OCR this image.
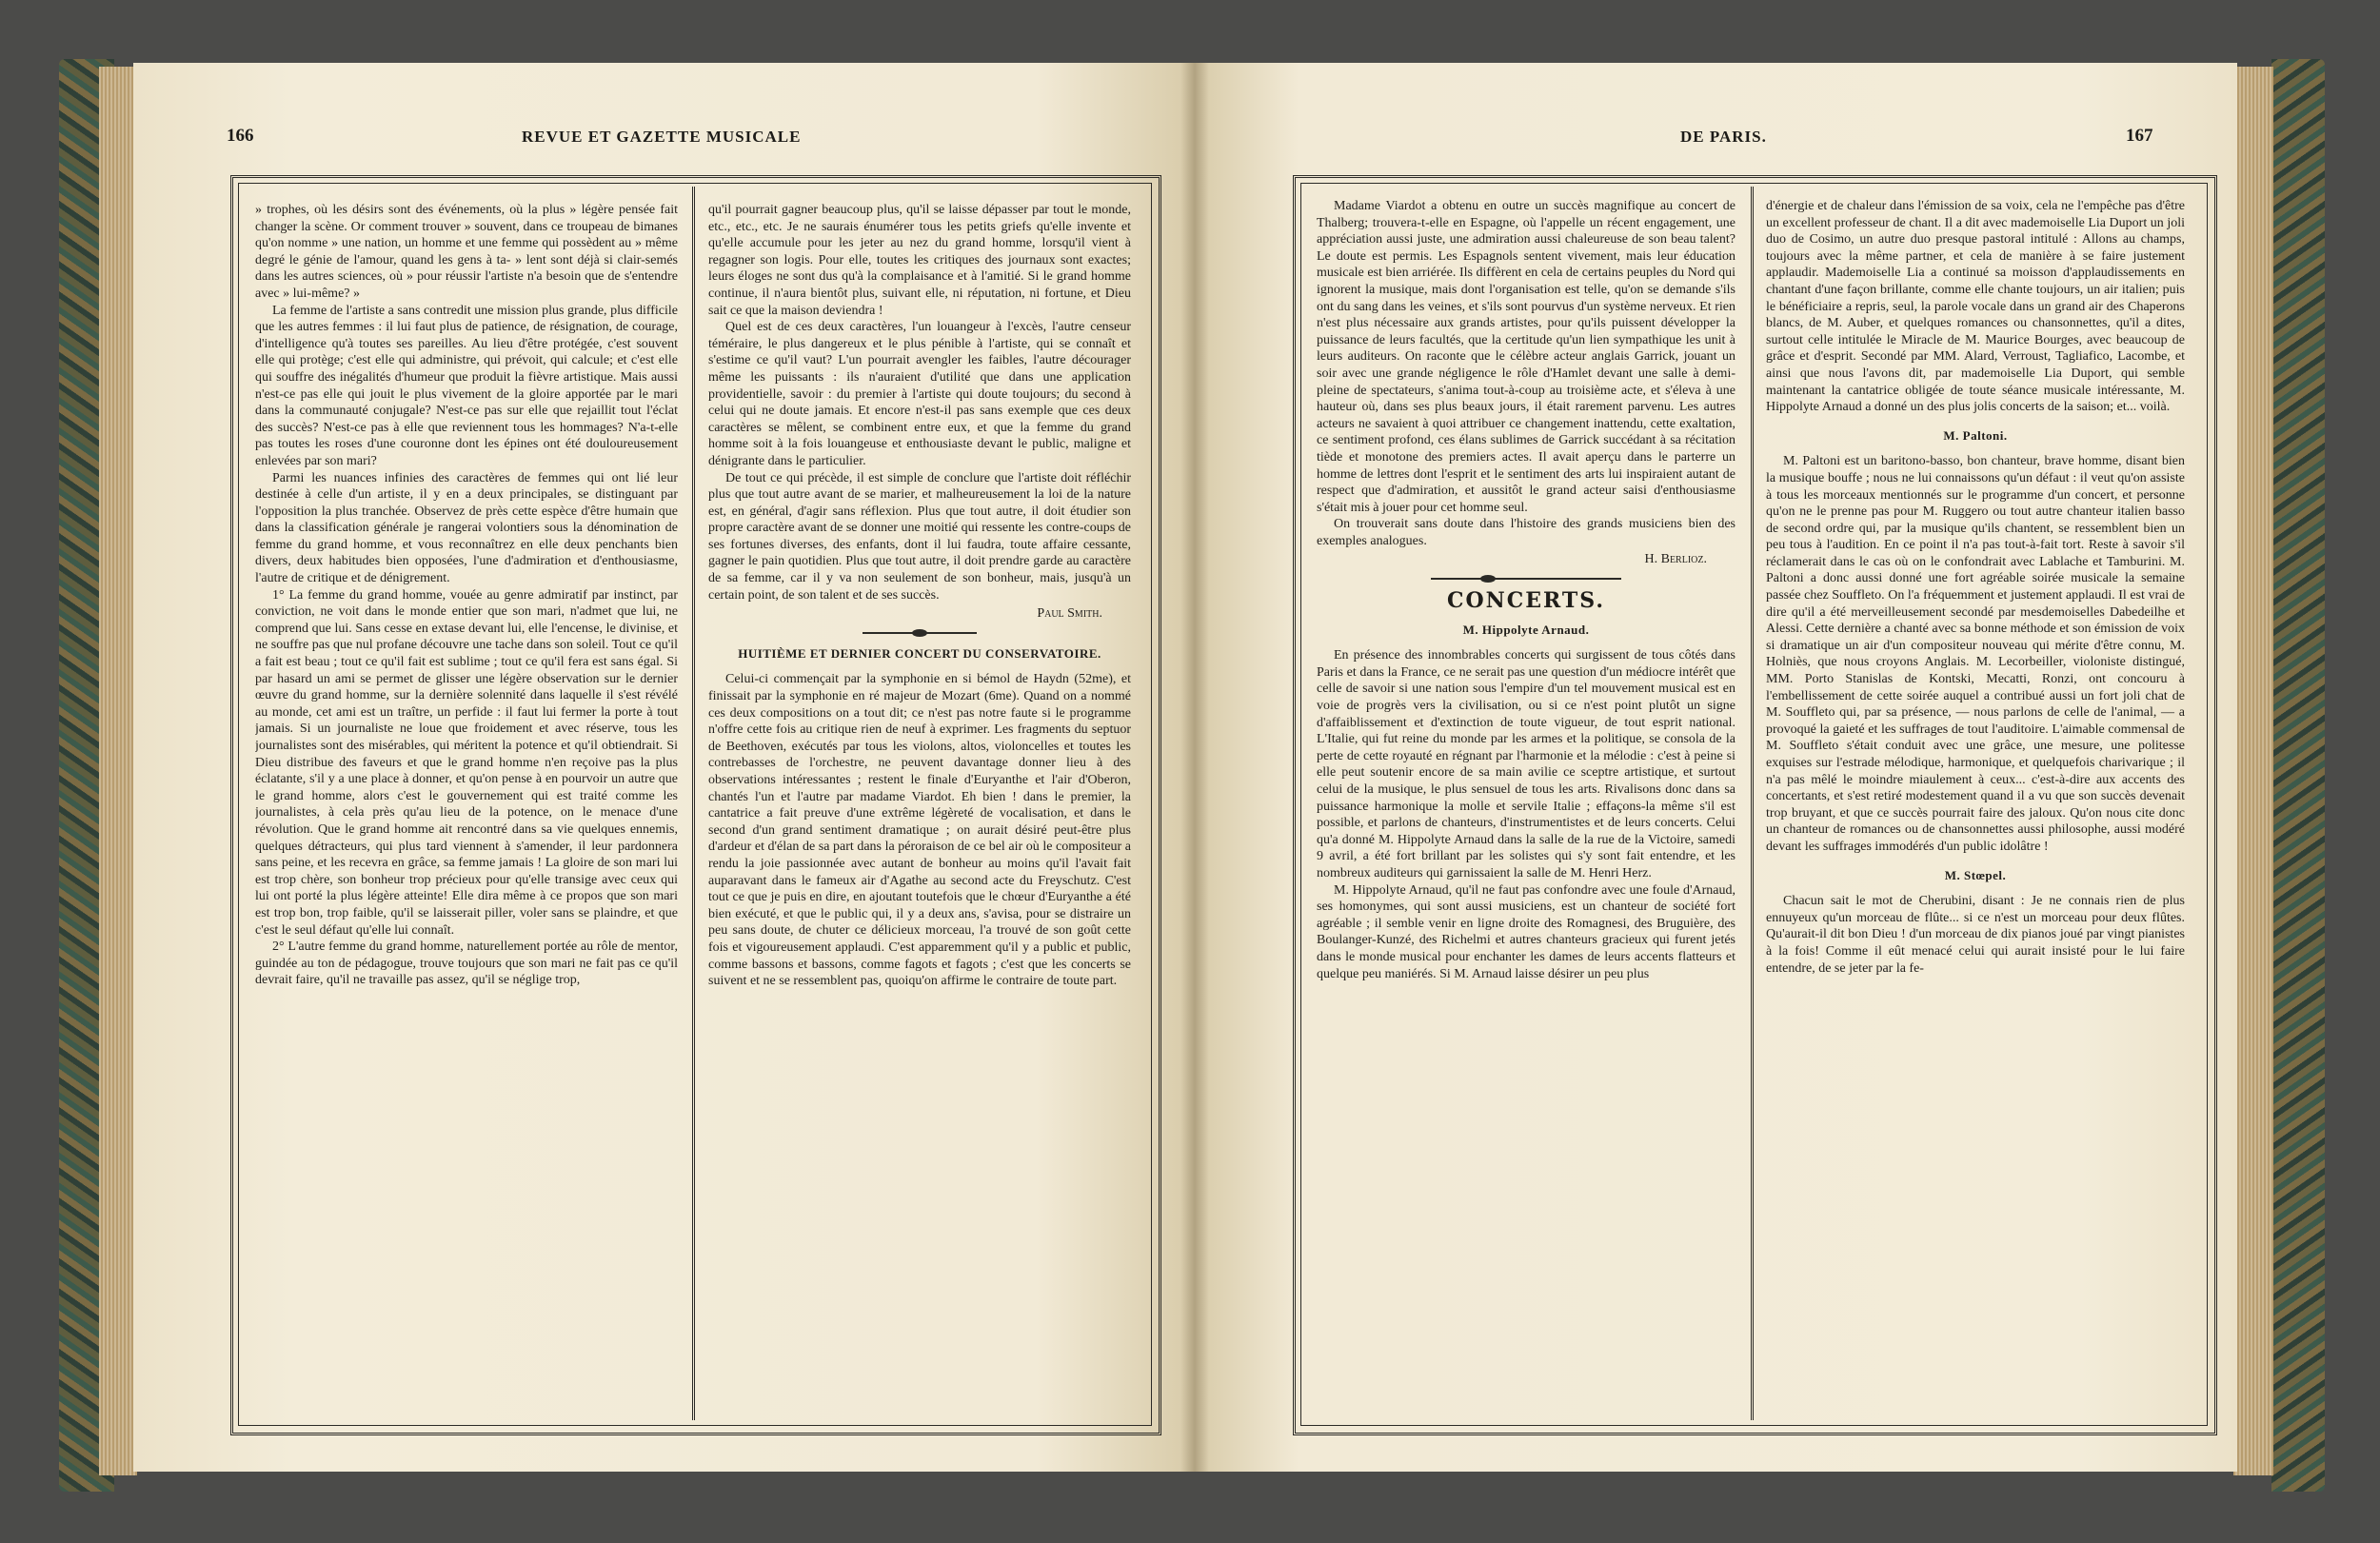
166	REVUE ET GAZETTE MUSICALE

» trophes, où les désirs sont des événements, où la plus » légère pensée fait changer la scène. Or comment trouver » souvent, dans ce troupeau de bimanes qu'on nomme » une nation, un homme et une femme qui possèdent au » même degré le génie de l'amour, quand les gens à ta- » lent sont déjà si clair-semés dans les autres sciences, où » pour réussir l'artiste n'a besoin que de s'entendre avec » lui-même? »

La femme de l'artiste a sans contredit une mission plus grande, plus difficile que les autres femmes : il lui faut plus de patience, de résignation, de courage, d'intelligence qu'à toutes ses pareilles. Au lieu d'être protégée, c'est souvent elle qui protège; c'est elle qui administre, qui prévoit, qui calcule; et c'est elle qui souffre des inégalités d'humeur que produit la fièvre artistique. Mais aussi n'est-ce pas elle qui jouit le plus vivement de la gloire apportée par le mari dans la communauté conjugale? N'est-ce pas sur elle que rejaillit tout l'éclat des succès? N'est-ce pas à elle que reviennent tous les hommages? N'a-t-elle pas toutes les roses d'une couronne dont les épines ont été douloureusement enlevées par son mari?

Parmi les nuances infinies des caractères de femmes qui ont lié leur destinée à celle d'un artiste, il y en a deux principales, se distinguant par l'opposition la plus tranchée. Observez de près cette espèce d'être humain que dans la classification générale je rangerai volontiers sous la dénomination de femme du grand homme, et vous reconnaîtrez en elle deux penchants bien divers, deux habitudes bien opposées, l'une d'admiration et d'enthousiasme, l'autre de critique et de dénigrement.

1° La femme du grand homme, vouée au genre admiratif par instinct, par conviction, ne voit dans le monde entier que son mari, n'admet que lui, ne comprend que lui. Sans cesse en extase devant lui, elle l'encense, le divinise, et ne souffre pas que nul profane découvre une tache dans son soleil. Tout ce qu'il a fait est beau ; tout ce qu'il fait est sublime ; tout ce qu'il fera est sans égal. Si par hasard un ami se permet de glisser une légère observation sur le dernier œuvre du grand homme, sur la dernière solennité dans laquelle il s'est révélé au monde, cet ami est un traître, un perfide : il faut lui fermer la porte à tout jamais. Si un journaliste ne loue que froidement et avec réserve, tous les journalistes sont des misérables, qui méritent la potence et qu'il obtiendrait. Si Dieu distribue des faveurs et que le grand homme n'en reçoive pas la plus éclatante, s'il y a une place à donner, et qu'on pense à en pourvoir un autre que le grand homme, alors c'est le gouvernement qui est traité comme les journalistes, à cela près qu'au lieu de la potence, on le menace d'une révolution. Que le grand homme ait rencontré dans sa vie quelques ennemis, quelques détracteurs, qui plus tard viennent à s'amender, il leur pardonnera sans peine, et les recevra en grâce, sa femme jamais ! La gloire de son mari lui est trop chère, son bonheur trop précieux pour qu'elle transige avec ceux qui lui ont porté la plus légère atteinte! Elle dira même à ce propos que son mari est trop bon, trop faible, qu'il se laisserait piller, voler sans se plaindre, et que c'est le seul défaut qu'elle lui connaît.

2° L'autre femme du grand homme, naturellement portée au rôle de mentor, guindée au ton de pédagogue, trouve toujours que son mari ne fait pas ce qu'il devrait faire, qu'il ne travaille pas assez, qu'il se néglige trop,

qu'il pourrait gagner beaucoup plus, qu'il se laisse dépasser par tout le monde, etc., etc., etc. Je ne saurais énumérer tous les petits griefs qu'elle invente et qu'elle accumule pour les jeter au nez du grand homme, lorsqu'il vient à regagner son logis. Pour elle, toutes les critiques des journaux sont exactes; leurs éloges ne sont dus qu'à la complaisance et à l'amitié. Si le grand homme continue, il n'aura bientôt plus, suivant elle, ni réputation, ni fortune, et Dieu sait ce que la maison deviendra !

Quel est de ces deux caractères, l'un louangeur à l'excès, l'autre censeur téméraire, le plus dangereux et le plus pénible à l'artiste, qui se connaît et s'estime ce qu'il vaut? L'un pourrait avengler les faibles, l'autre décourager même les puissants : ils n'auraient d'utilité que dans une application providentielle, savoir : du premier à l'artiste qui doute toujours; du second à celui qui ne doute jamais. Et encore n'est-il pas sans exemple que ces deux caractères se mêlent, se combinent entre eux, et que la femme du grand homme soit à la fois louangeuse et enthousiaste devant le public, maligne et dénigrante dans le particulier.

De tout ce qui précède, il est simple de conclure que l'artiste doit réfléchir plus que tout autre avant de se marier, et malheureusement la loi de la nature est, en général, d'agir sans réflexion. Plus que tout autre, il doit étudier son propre caractère avant de se donner une moitié qui ressente les contre-coups de ses fortunes diverses, des enfants, dont il lui faudra, toute affaire cessante, gagner le pain quotidien. Plus que tout autre, il doit prendre garde au caractère de sa femme, car il y va non seulement de son bonheur, mais, jusqu'à un certain point, de son talent et de ses succès.

Paul Smith.
HUITIÈME ET DERNIER CONCERT DU CONSERVATOIRE.

Celui-ci commençait par la symphonie en si bémol de Haydn (52me), et finissait par la symphonie en ré majeur de Mozart (6me). Quand on a nommé ces deux compositions on a tout dit; ce n'est pas notre faute si le programme n'offre cette fois au critique rien de neuf à exprimer. Les fragments du septuor de Beethoven, exécutés par tous les violons, altos, violoncelles et toutes les contrebasses de l'orchestre, ne peuvent davantage donner lieu à des observations intéressantes ; restent le finale d'Euryanthe et l'air d'Oberon, chantés l'un et l'autre par madame Viardot. Eh bien ! dans le premier, la cantatrice a fait preuve d'une extrême légèreté de vocalisation, et dans le second d'un grand sentiment dramatique ; on aurait désiré peut-être plus d'ardeur et d'élan de sa part dans la péroraison de ce bel air où le compositeur a rendu la joie passionnée avec autant de bonheur au moins qu'il l'avait fait auparavant dans le fameux air d'Agathe au second acte du Freyschutz. C'est tout ce que je puis en dire, en ajoutant toutefois que le chœur d'Euryanthe a été bien exécuté, et que le public qui, il y a deux ans, s'avisa, pour se distraire un peu sans doute, de chuter ce délicieux morceau, l'a trouvé de son goût cette fois et vigoureusement applaudi. C'est apparemment qu'il y a public et public, comme bassons et bassons, comme fagots et fagots ; c'est que les concerts se suivent et ne se ressemblent pas, quoiqu'on affirme le contraire de toute part.

DE PARIS.	167

Madame Viardot a obtenu en outre un succès magnifique au concert de Thalberg; trouvera-t-elle en Espagne, où l'appelle un récent engagement, une appréciation aussi juste, une admiration aussi chaleureuse de son beau talent? Le doute est permis. Les Espagnols sentent vivement, mais leur éducation musicale est bien arriérée. Ils diffèrent en cela de certains peuples du Nord qui ignorent la musique, mais dont l'organisation est telle, qu'on se demande s'ils ont du sang dans les veines, et s'ils sont pourvus d'un système nerveux. Et rien n'est plus nécessaire aux grands artistes, pour qu'ils puissent développer la puissance de leurs facultés, que la certitude qu'un lien sympathique les unit à leurs auditeurs. On raconte que le célèbre acteur anglais Garrick, jouant un soir avec une grande négligence le rôle d'Hamlet devant une salle à demi-pleine de spectateurs, s'anima tout-à-coup au troisième acte, et s'éleva à une hauteur où, dans ses plus beaux jours, il était rarement parvenu. Les autres acteurs ne savaient à quoi attribuer ce changement inattendu, cette exaltation, ce sentiment profond, ces élans sublimes de Garrick succédant à sa récitation tiède et monotone des premiers actes. Il avait aperçu dans le parterre un homme de lettres dont l'esprit et le sentiment des arts lui inspiraient autant de respect que d'admiration, et aussitôt le grand acteur saisi d'enthousiasme s'était mis à jouer pour cet homme seul.

On trouverait sans doute dans l'histoire des grands musiciens bien des exemples analogues.

H. Berlioz.
CONCERTS.
M. Hippolyte Arnaud.

En présence des innombrables concerts qui surgissent de tous côtés dans Paris et dans la France, ce ne serait pas une question d'un médiocre intérêt que celle de savoir si une nation sous l'empire d'un tel mouvement musical est en voie de progrès vers la civilisation, ou si ce n'est point plutôt un signe d'affaiblissement et d'extinction de toute vigueur, de tout esprit national. L'Italie, qui fut reine du monde par les armes et la politique, se consola de la perte de cette royauté en régnant par l'harmonie et la mélodie : c'est à peine si elle peut soutenir encore de sa main avilie ce sceptre artistique, et surtout celui de la musique, le plus sensuel de tous les arts. Rivalisons donc dans sa puissance harmonique la molle et servile Italie ; effaçons-la même s'il est possible, et parlons de chanteurs, d'instrumentistes et de leurs concerts. Celui qu'a donné M. Hippolyte Arnaud dans la salle de la rue de la Victoire, samedi 9 avril, a été fort brillant par les solistes qui s'y sont fait entendre, et les nombreux auditeurs qui garnissaient la salle de M. Henri Herz.

M. Hippolyte Arnaud, qu'il ne faut pas confondre avec une foule d'Arnaud, ses homonymes, qui sont aussi musiciens, est un chanteur de société fort agréable ; il semble venir en ligne droite des Romagnesi, des Bruguière, des Boulanger-Kunzé, des Richelmi et autres chanteurs gracieux qui furent jetés dans le monde musical pour enchanter les dames de leurs accents flatteurs et quelque peu maniérés. Si M. Arnaud laisse désirer un peu plus

d'énergie et de chaleur dans l'émission de sa voix, cela ne l'empêche pas d'être un excellent professeur de chant. Il a dit avec mademoiselle Lia Duport un joli duo de Cosimo, un autre duo presque pastoral intitulé : Allons au champs, toujours avec la même partner, et cela de manière à se faire justement applaudir. Mademoiselle Lia a continué sa moisson d'applaudissements en chantant d'une façon brillante, comme elle chante toujours, un air italien; puis le bénéficiaire a repris, seul, la parole vocale dans un grand air des Chaperons blancs, de M. Auber, et quelques romances ou chansonnettes, qu'il a dites, surtout celle intitulée le Miracle de M. Maurice Bourges, avec beaucoup de grâce et d'esprit. Secondé par MM. Alard, Verroust, Tagliafico, Lacombe, et ainsi que nous l'avons dit, par mademoiselle Lia Duport, qui semble maintenant la cantatrice obligée de toute séance musicale intéressante, M. Hippolyte Arnaud a donné un des plus jolis concerts de la saison; et... voilà.

M. Paltoni.

M. Paltoni est un baritono-basso, bon chanteur, brave homme, disant bien la musique bouffe ; nous ne lui connaissons qu'un défaut : il veut qu'on assiste à tous les morceaux mentionnés sur le programme d'un concert, et personne qu'on ne le prenne pas pour M. Ruggero ou tout autre chanteur italien basso de second ordre qui, par la musique qu'ils chantent, se ressemblent bien un peu tous à l'audition. En ce point il n'a pas tout-à-fait tort. Reste à savoir s'il réclamerait dans le cas où on le confondrait avec Lablache et Tamburini. M. Paltoni a donc aussi donné une fort agréable soirée musicale la semaine passée chez Souffleto. On l'a fréquemment et justement applaudi. Il est vrai de dire qu'il a été merveilleusement secondé par mesdemoiselles Dabedeilhe et Alessi. Cette dernière a chanté avec sa bonne méthode et son émission de voix si dramatique un air d'un compositeur nouveau qui mérite d'être connu, M. Holniès, que nous croyons Anglais. M. Lecorbeiller, violoniste distingué, MM. Porto Stanislas de Kontski, Mecatti, Ronzi, ont concouru à l'embellissement de cette soirée auquel a contribué aussi un fort joli chat de M. Souffleto qui, par sa présence, — nous parlons de celle de l'animal, — a provoqué la gaieté et les suffrages de tout l'auditoire. L'aimable commensal de M. Souffleto s'était conduit avec une grâce, une mesure, une politesse exquises sur l'estrade mélodique, harmonique, et quelquefois charivarique ; il n'a pas mêlé le moindre miaulement à ceux... c'est-à-dire aux accents des concertants, et s'est retiré modestement quand il a vu que son succès devenait trop bruyant, et que ce succès pourrait faire des jaloux. Qu'on nous cite donc un chanteur de romances ou de chansonnettes aussi philosophe, aussi modéré devant les suffrages immodérés d'un public idolâtre !

M. Stœpel.

Chacun sait le mot de Cherubini, disant : Je ne connais rien de plus ennuyeux qu'un morceau de flûte... si ce n'est un morceau pour deux flûtes. Qu'aurait-il dit bon Dieu ! d'un morceau de dix pianos joué par vingt pianistes à la fois! Comme il eût menacé celui qui aurait insisté pour le lui faire entendre, de se jeter par la fe-
